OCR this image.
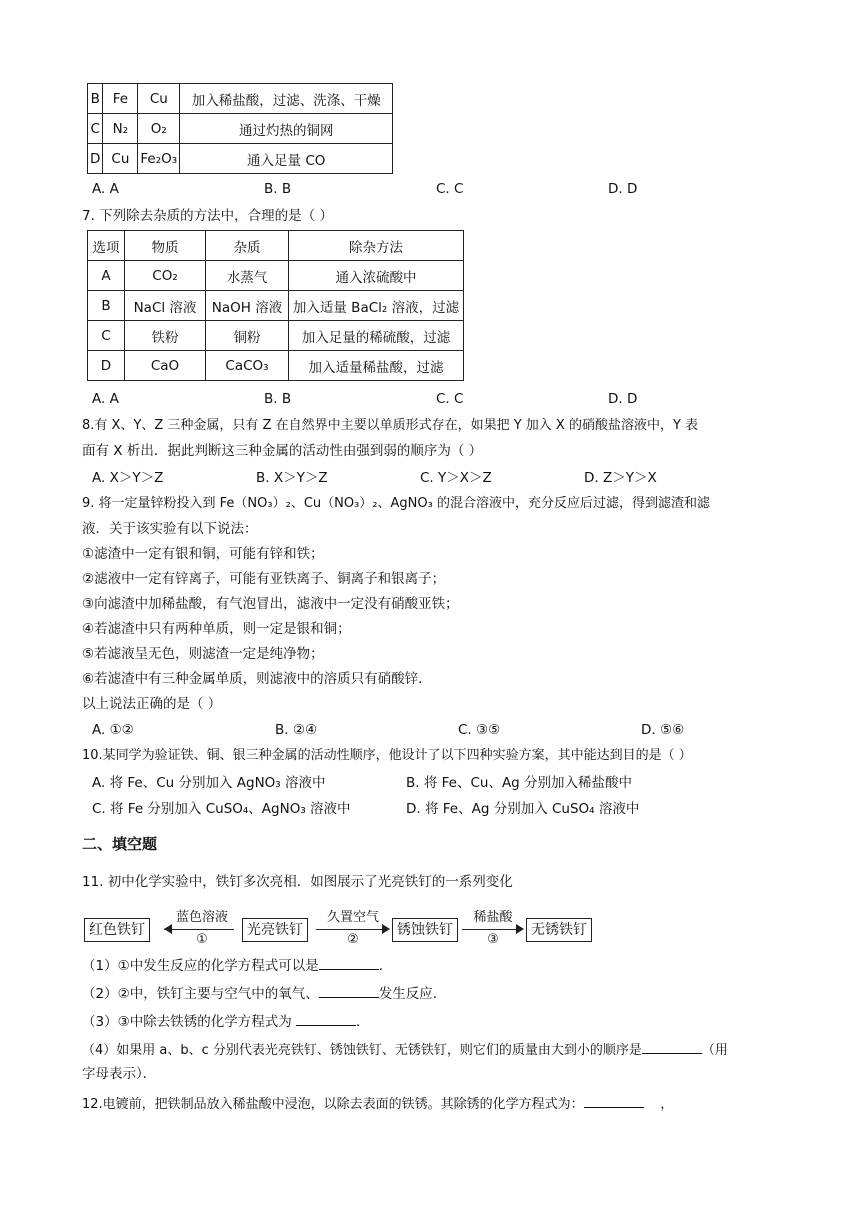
B	Fe	Cu	加入稀盐酸，过滤、洗涤、干燥
C	N₂	O₂	通过灼热的铜网
D	Cu	Fe₂O₃	通入足量 CO
A. A	B. B	C. C	D. D
7. 下列除去杂质的方法中，合理的是（ ）
选项	物质	杂质	除杂方法
A	CO₂	水蒸气	通入浓硫酸中
B	NaCl 溶液	NaOH 溶液	加入适量 BaCl₂ 溶液，过滤
C	铁粉	铜粉	加入足量的稀硫酸，过滤
D	CaO	CaCO₃	加入适量稀盐酸，过滤
A. A	B. B	C. C	D. D
8.有 X、Y、Z 三种金属，只有 Z 在自然界中主要以单质形式存在，如果把 Y 加入 X 的硝酸盐溶液中，Y 表
面有 X 析出．据此判断这三种金属的活动性由强到弱的顺序为（ ）
A. X＞Y＞Z	B. X＞Y＞Z	C. Y＞X＞Z	D. Z＞Y＞X
9. 将一定量锌粉投入到 Fe（NO₃）₂、Cu（NO₃）₂、AgNO₃ 的混合溶液中，充分反应后过滤，得到滤渣和滤
液．关于该实验有以下说法：
①滤渣中一定有银和铜，可能有锌和铁；
②滤液中一定有锌离子，可能有亚铁离子、铜离子和银离子；
③向滤渣中加稀盐酸，有气泡冒出，滤液中一定没有硝酸亚铁；
④若滤渣中只有两种单质，则一定是银和铜；
⑤若滤液呈无色，则滤渣一定是纯净物；
⑥若滤渣中有三种金属单质，则滤液中的溶质只有硝酸锌．
以上说法正确的是（ ）
A. ①②	B. ②④	C. ③⑤	D. ⑤⑥
10.某同学为验证铁、铜、银三种金属的活动性顺序，他设计了以下四种实验方案，其中能达到目的是（ ）
A. 将 Fe、Cu 分别加入 AgNO₃ 溶液中	B. 将 Fe、Cu、Ag 分别加入稀盐酸中
C. 将 Fe 分别加入 CuSO₄、AgNO₃ 溶液中	D. 将 Fe、Ag 分别加入 CuSO₄ 溶液中
二、填空题
11. 初中化学实验中，铁钉多次亮相．如图展示了光亮铁钉的一系列变化
红色铁钉
蓝色溶液
①
光亮铁钉
久置空气
②
锈蚀铁钉
稀盐酸
③
无锈铁钉
（1）①中发生反应的化学方程式可以是	．
（2）②中，铁钉主要与空气中的氧气、	发生反应．
（3）③中除去铁锈的化学方程式为	．
（4）如果用 a、b、c 分别代表光亮铁钉、锈蚀铁钉、无锈铁钉，则它们的质量由大到小的顺序是	（用
字母表示）．
12.电镀前，把铁制品放入稀盐酸中浸泡，以除去表面的铁锈。其除锈的化学方程式为：	，
